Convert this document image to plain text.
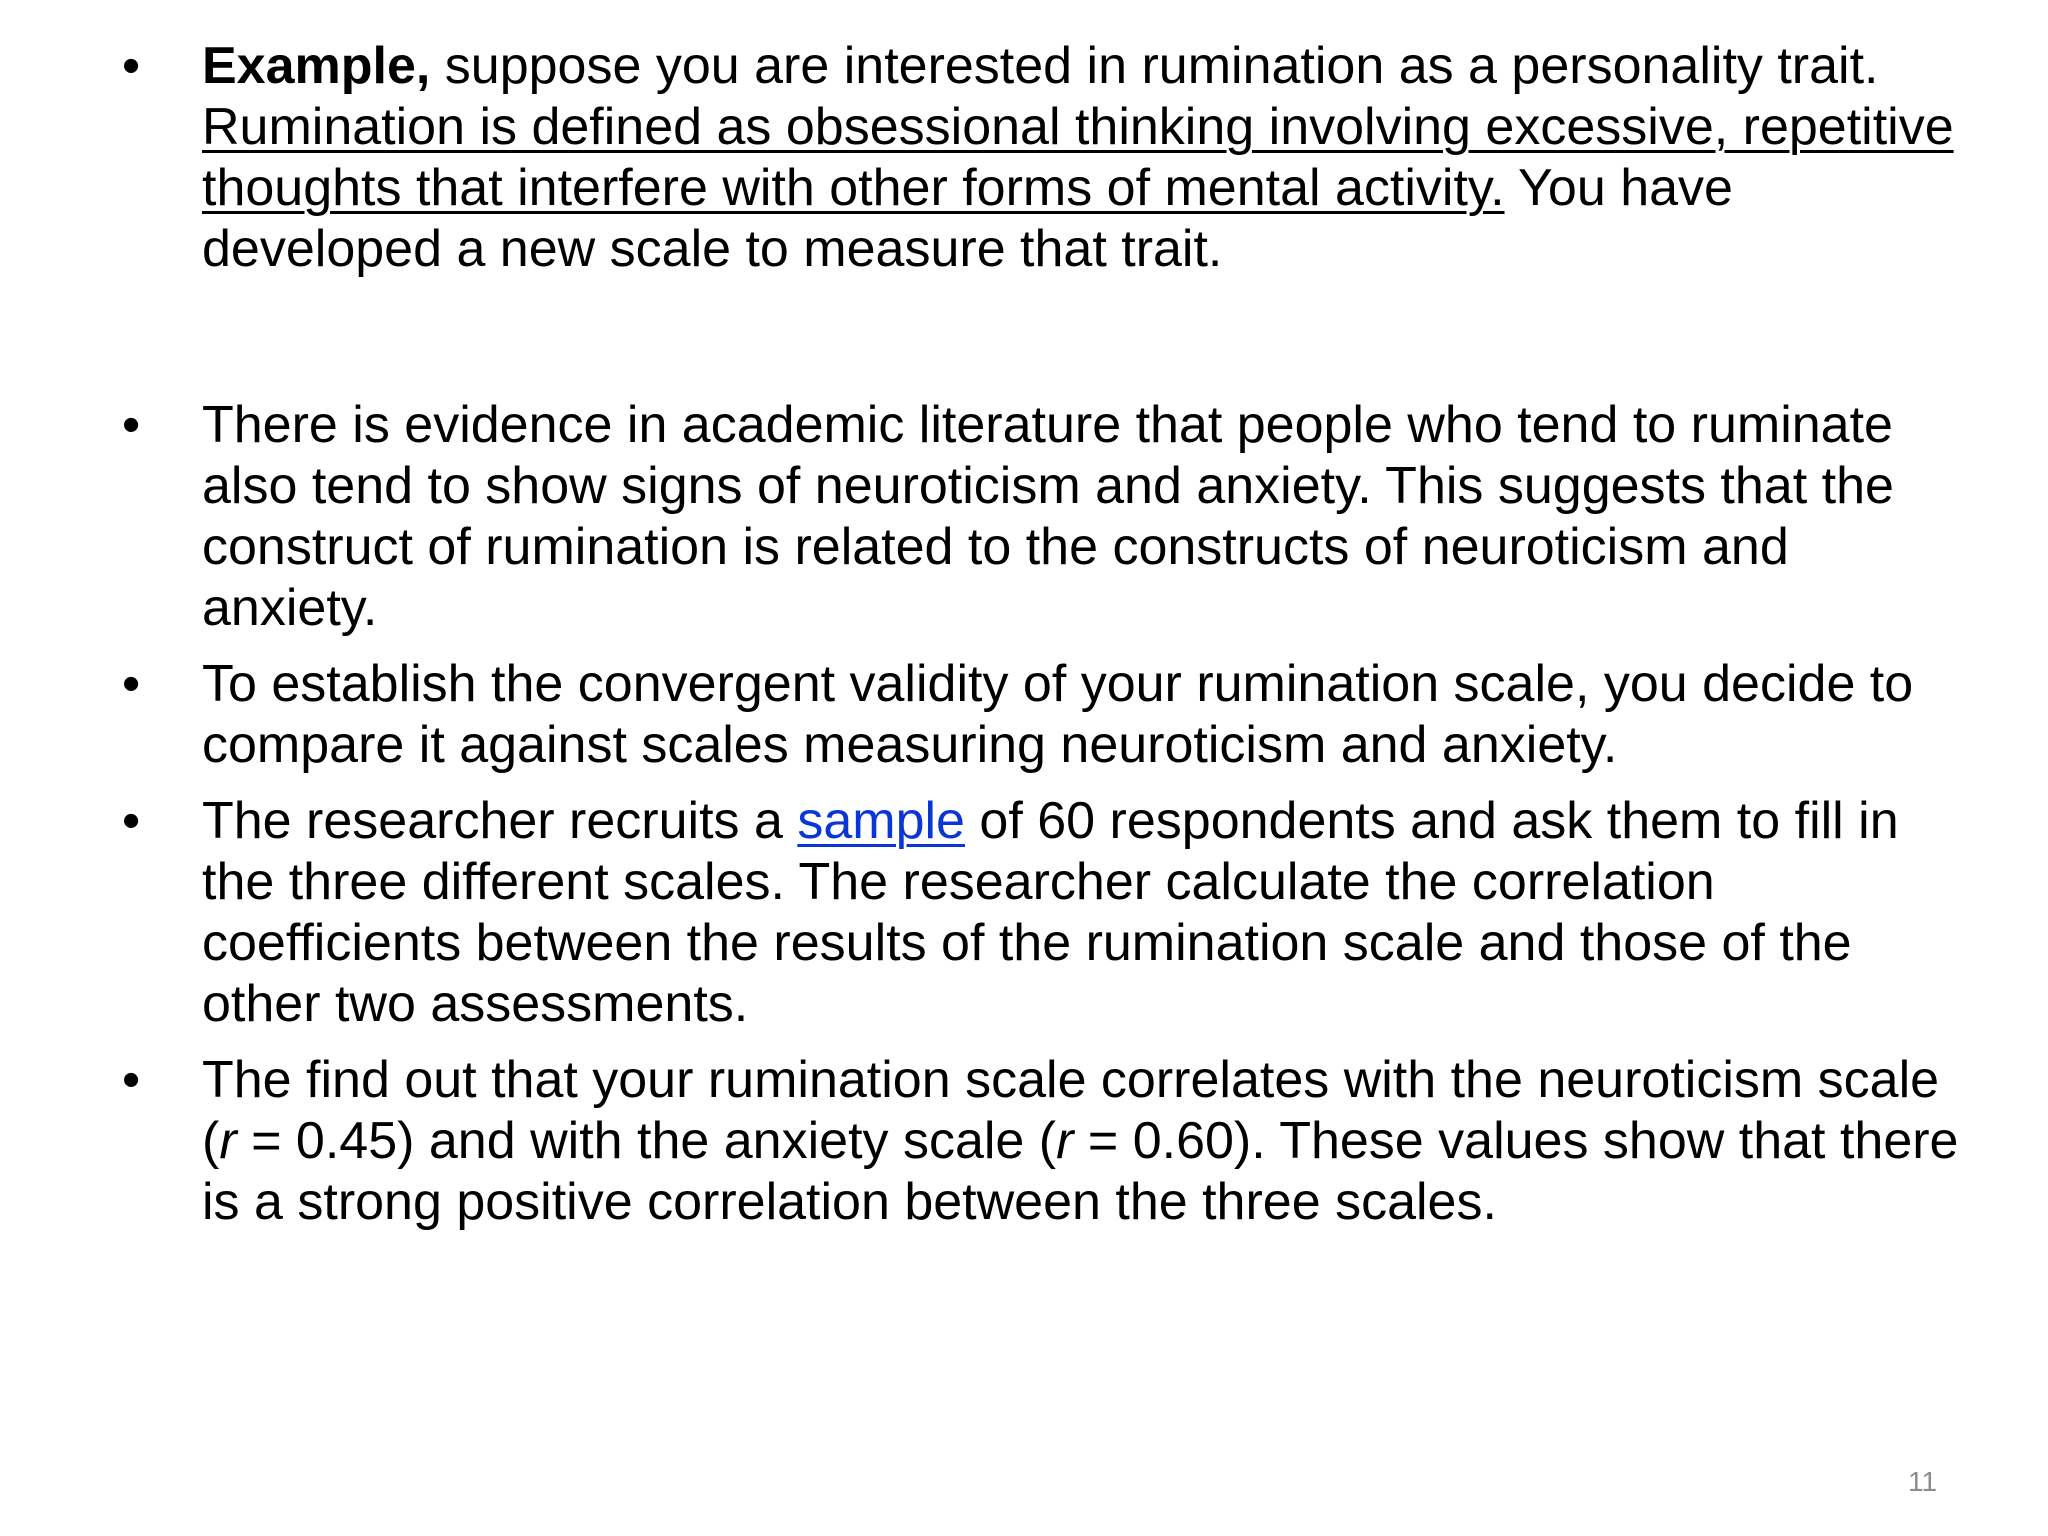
• Example, suppose you are interested in rumination as a personality trait. Rumination is defined as obsessional thinking involving excessive, repetitive thoughts that interfere with other forms of mental activity. You have developed a new scale to measure that trait.
• There is evidence in academic literature that people who tend to ruminate also tend to show signs of neuroticism and anxiety. This suggests that the construct of rumination is related to the constructs of neuroticism and anxiety.
• To establish the convergent validity of your rumination scale, you decide to compare it against scales measuring neuroticism and anxiety.
• The researcher recruits a sample of 60 respondents and ask them to fill in the three different scales. The researcher calculate the correlation coefficients between the results of the rumination scale and those of the other two assessments.
• The find out that your rumination scale correlates with the neuroticism scale (r = 0.45) and with the anxiety scale (r = 0.60). These values show that there is a strong positive correlation between the three scales.
11
